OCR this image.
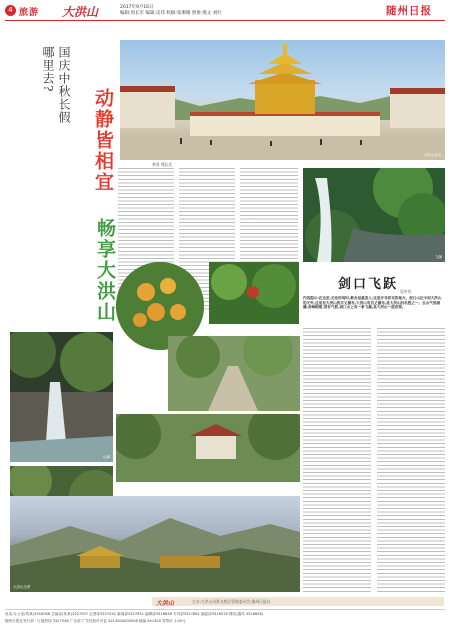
4 旅游 大洪山	2017年9月16日
编辑:周长军 编辑:史玮 校稿:张珊珊 照排:熊文 刘红	随州日报
国庆中秋长假
哪里去?
动静皆相宜
畅享大洪山
李亚 郑长兵
大洪山金顶
飞瀑
剑口飞跃 吴中功
内容提示:在这里,无论你何时,都会是最美人,这里并非你见的地方。剑口山在中间大洪山的天外,这里有大洪山的百丈瀑布,大洪山有百丈瀑布,是大洪山四名胜之一。全山气势磅礴,奇峰峭壁,很有气派,剑口山上有一条飞瀑,是大洪山一道奇观。
山涧
大洪山全景
大洪山	主办:大洪山风景名胜区管理委员会 随州日报社
电话:办公室(传真)3318956 总编室(传真)3327507 记者部3327541 新闻部3327651 编辑部3318636 专刊部3327861 编委部3318576 网站(通讯 3318658)
随州日报社发行部 · 订阅热线 3327548 广告部 广告经营许可证 4213004000008 邮编 441300 零售价 1.00元
